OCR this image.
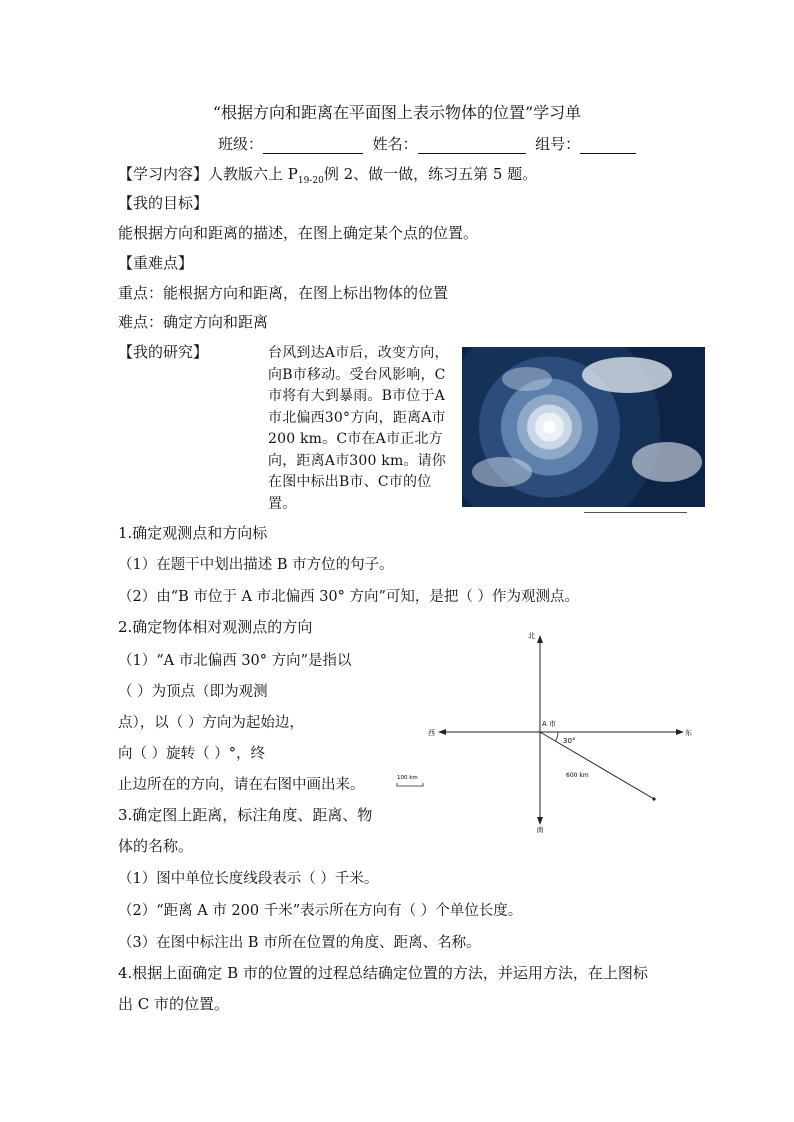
“根据方向和距离在平面图上表示物体的位置”学习单
班级：	姓名：	组号：
【学习内容】人教版六上 $P_{19-20}$例 2、做一做，练习五第 5 题。
【我的目标】
能根据方向和距离的描述，在图上确定某个点的位置。
【重难点】
重点：能根据方向和距离，在图上标出物体的位置
难点：确定方向和距离
【我的研究】	台风到达A市后，改变方向，向B市移动。受台风影响，C市将有大到暴雨。B市位于A市北偏西30°方向，距离A市200 km。C市在A市正北方向，距离A市300 km。请你在图中标出B市、C市的位置。
1.确定观测点和方向标
（1）在题干中划出描述 B 市方位的句子。
（2）由“B 市位于 A 市北偏西 30° 方向”可知，是把（ ）作为观测点。
2.确定物体相对观测点的方向
（1）“A 市北偏西 30° 方向”是指以
（ ）为顶点（即为观测
点），以（ ）方向为起始边，
向（ ）旋转（ ）°，终
止边所在的方向，请在右图中画出来。
3.确定图上距离，标注角度、距离、物
体的名称。
（1）图中单位长度线段表示（ ）千米。
（2）“距离 A 市 200 千米”表示所在方向有（ ）个单位长度。
（3）在图中标注出 B 市所在位置的角度、距离、名称。
4.根据上面确定 B 市的位置的过程总结确定位置的方法，并运用方法，在上图标
出 C 市的位置。
北
南
西	东
A 市
30°
600 km
100 km
